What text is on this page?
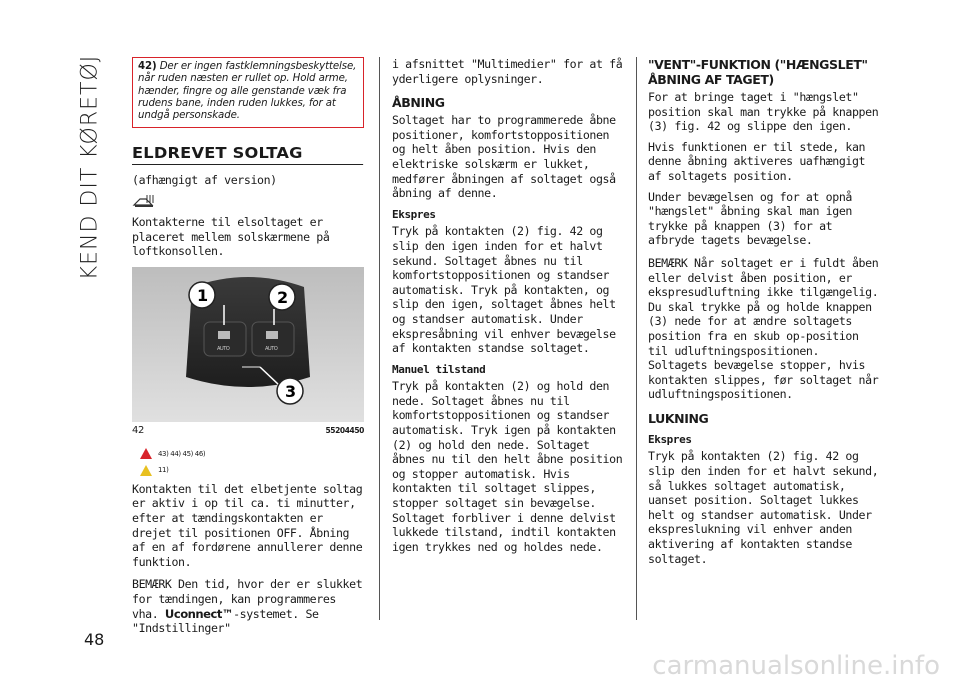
KEND DIT KØRETØJ
48
42) Der er ingen fastklemningsbeskyttelse, når ruden næsten er rullet op. Hold arme, hænder, fingre og alle genstande væk fra rudens bane, inden ruden lukkes, for at undgå personskade.
ELDREVET SOLTAG

(afhængigt af version)

Kontakterne til elsoltaget er placeret mellem solskærmene på loftkonsollen.

AUTO	AUTO
1	2
3
42	55204450
43) 44) 45) 46)
11)

Kontakten til det elbetjente soltag er aktiv i op til ca. ti minutter, efter at tændingskontakten er drejet til positionen OFF. Åbning af en af fordørene annullerer denne funktion.

BEMÆRK Den tid, hvor der er slukket for tændingen, kan programmeres vha. Uconnect™-systemet. Se "Indstillinger"

i afsnittet "Multimedier" for at få yderligere oplysninger.

ÅBNING

Soltaget har to programmerede åbne positioner, komfortstoppositionen og helt åben position. Hvis den elektriske solskærm er lukket, medfører åbningen af soltaget også åbning af denne.

Ekspres

Tryk på kontakten (2) fig. 42 og slip den igen inden for et halvt sekund. Soltaget åbnes nu til komfortstoppositionen og standser automatisk. Tryk på kontakten, og slip den igen, soltaget åbnes helt og standser automatisk. Under ekspresåbning vil enhver bevægelse af kontakten standse soltaget.

Manuel tilstand

Tryk på kontakten (2) og hold den nede. Soltaget åbnes nu til komfortstoppositionen og standser automatisk. Tryk igen på kontakten (2) og hold den nede. Soltaget åbnes nu til den helt åbne position og stopper automatisk. Hvis kontakten til soltaget slippes, stopper soltaget sin bevægelse. Soltaget forbliver i denne delvist lukkede tilstand, indtil kontakten igen trykkes ned og holdes nede.

"VENT"-FUNKTION ("HÆNGSLET" ÅBNING AF TAGET)

For at bringe taget i "hængslet" position skal man trykke på knappen (3) fig. 42 og slippe den igen.

Hvis funktionen er til stede, kan denne åbning aktiveres uafhængigt af soltagets position.

Under bevægelsen og for at opnå "hængslet" åbning skal man igen trykke på knappen (3) for at afbryde tagets bevægelse.

BEMÆRK Når soltaget er i fuldt åben eller delvist åben position, er ekspresudluftning ikke tilgængelig. Du skal trykke på og holde knappen (3) nede for at ændre soltagets position fra en skub op-position til udluftningspositionen. Soltagets bevægelse stopper, hvis kontakten slippes, før soltaget når udluftningspositionen.

LUKNING
Ekspres

Tryk på kontakten (2) fig. 42 og slip den inden for et halvt sekund, så lukkes soltaget automatisk, uanset position. Soltaget lukkes helt og standser automatisk. Under ekspreslukning vil enhver anden aktivering af kontakten standse soltaget.

carmanualsonline.info
